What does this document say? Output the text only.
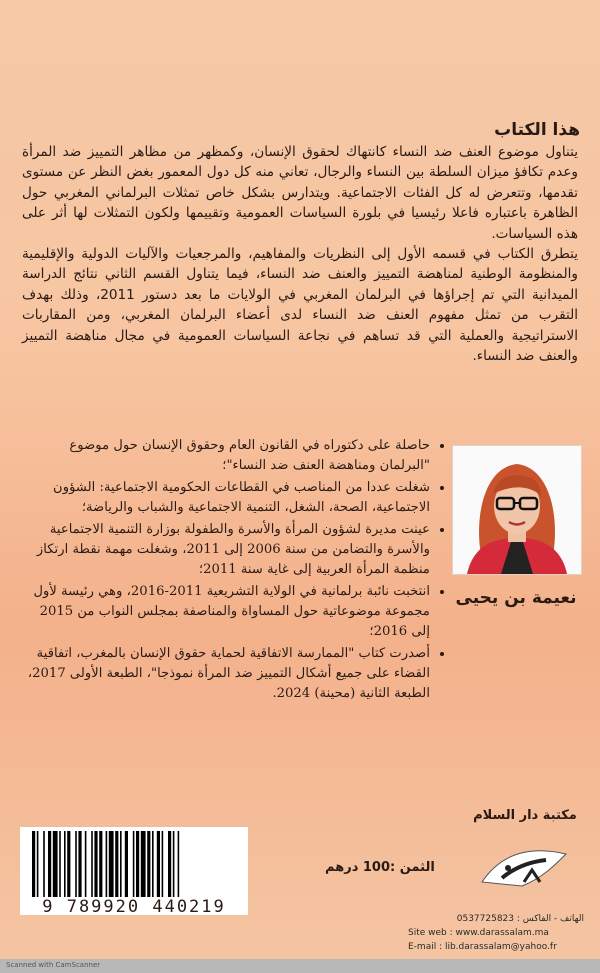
هذا الكتاب

يتناول موضوع العنف ضد النساء كانتهاك لحقوق الإنسان، وكمظهر من مظاهر التمييز ضد المرأة وعدم تكافؤ ميزان السلطة بين النساء والرجال، تعاني منه كل دول المعمور بغض النظر عن مستوى تقدمها، وتتعرض له كل الفئات الاجتماعية. ويتدارس بشكل خاص تمثلات البرلماني المغربي حول الظاهرة باعتباره فاعلا رئيسيا في بلورة السياسات العمومية وتقييمها ولكون التمثلات لها أثر على هذه السياسات.

يتطرق الكتاب في قسمه الأول إلى النظريات والمفاهيم، والمرجعيات والآليات الدولية والإقليمية والمنظومة الوطنية لمناهضة التمييز والعنف ضد النساء، فيما يتناول القسم الثاني نتائج الدراسة الميدانية التي تم إجراؤها في البرلمان المغربي في الولايات ما بعد دستور 2011، وذلك بهدف التقرب من تمثل مفهوم العنف ضد النساء لدى أعضاء البرلمان المغربي، ومن المقاربات الاستراتيجية والعملية التي قد تساهم في نجاعة السياسات العمومية في مجال مناهضة التمييز والعنف ضد النساء.

نعيمة بن يحيى
• حاصلة على دكتوراه في القانون العام وحقوق الإنسان حول موضوع "البرلمان ومناهضة العنف ضد النساء"؛
• شغلت عددا من المناصب في القطاعات الحكومية الاجتماعية: الشؤون الاجتماعية، الصحة، الشغل، التنمية الاجتماعية والشباب والرياضة؛
• عينت مديرة لشؤون المرأة والأسرة والطفولة بوزارة التنمية الاجتماعية والأسرة والتضامن من سنة 2006 إلى 2011، وشغلت مهمة نقطة ارتكاز منظمة المرأة العربية إلى غاية سنة 2011؛
• انتخبت نائبة برلمانية في الولاية التشريعية 2011-2016، وهي رئيسة لأول مجموعة موضوعاتية حول المساواة والمناصفة بمجلس النواب من 2015 إلى 2016؛
• أصدرت كتاب "الممارسة الاتفاقية لحماية حقوق الإنسان بالمغرب، اتفاقية القضاء على جميع أشكال التمييز ضد المرأة نموذجا"، الطبعة الأولى 2017، الطبعة الثانية (محينة) 2024.
9 789920 440219
الثمن :100 درهم
مكتبة دار السلام
الهاتف - الفاكس : 0537725823
Site web : www.darassalam.ma
E-mail : lib.darassalam@yahoo.fr
Scanned with CamScanner
